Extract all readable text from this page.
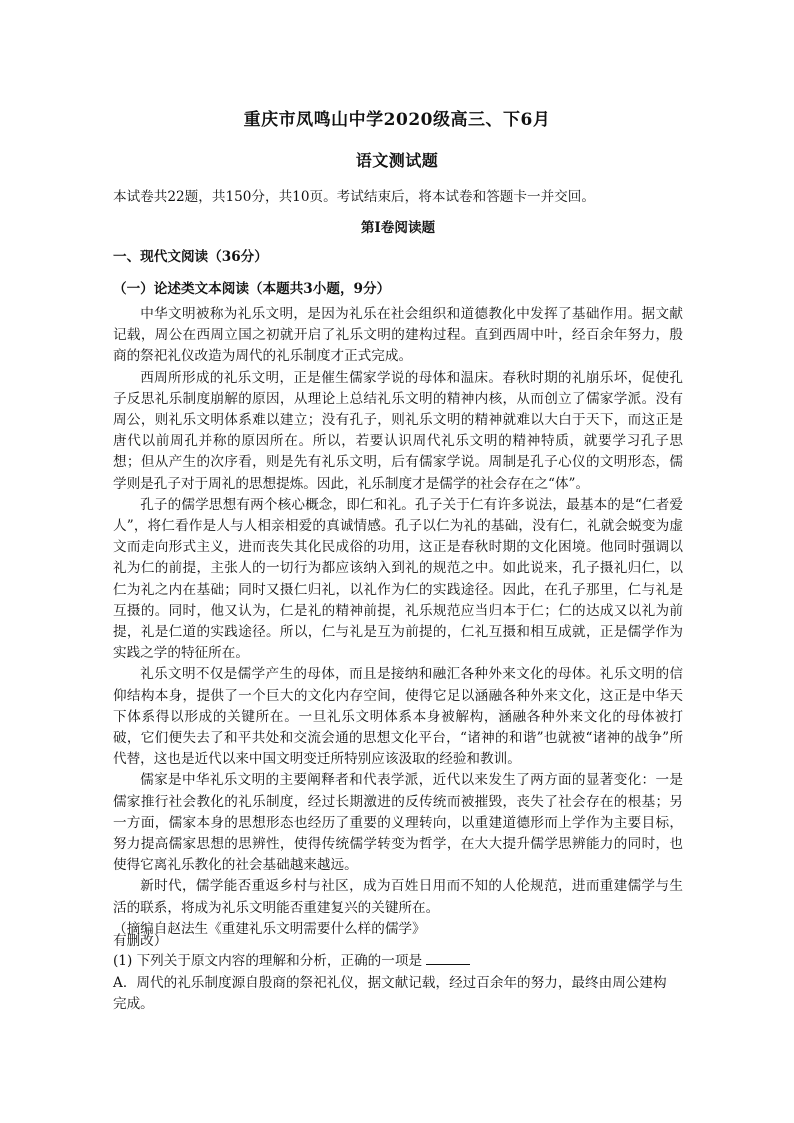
重庆市凤鸣山中学2020级高三、下6月
语文测试题
本试卷共22题，共150分，共10页。考试结束后，将本试卷和答题卡一并交回。
第Ⅰ卷阅读题
一、现代文阅读（36分）
（一）论述类文本阅读（本题共3小题，9分）

中华文明被称为礼乐文明，是因为礼乐在社会组织和道德教化中发挥了基础作用。据文献记载，周公在西周立国之初就开启了礼乐文明的建构过程。直到西周中叶，经百余年努力，殷商的祭祀礼仪改造为周代的礼乐制度才正式完成。

西周所形成的礼乐文明，正是催生儒家学说的母体和温床。春秋时期的礼崩乐坏，促使孔子反思礼乐制度崩解的原因，从理论上总结礼乐文明的精神内核，从而创立了儒家学派。没有周公，则礼乐文明体系难以建立；没有孔子，则礼乐文明的精神就难以大白于天下，而这正是唐代以前周孔并称的原因所在。所以，若要认识周代礼乐文明的精神特质，就要学习孔子思想；但从产生的次序看，则是先有礼乐文明，后有儒家学说。周制是孔子心仪的文明形态，儒学则是孔子对于周礼的思想提炼。因此，礼乐制度才是儒学的社会存在之“体”。

孔子的儒学思想有两个核心概念，即仁和礼。孔子关于仁有许多说法，最基本的是“仁者爱人”，将仁看作是人与人相亲相爱的真诚情感。孔子以仁为礼的基础，没有仁，礼就会蜕变为虚文而走向形式主义，进而丧失其化民成俗的功用，这正是春秋时期的文化困境。他同时强调以礼为仁的前提，主张人的一切行为都应该纳入到礼的规范之中。如此说来，孔子摄礼归仁，以仁为礼之内在基础；同时又摄仁归礼，以礼作为仁的实践途径。因此，在孔子那里，仁与礼是互摄的。同时，他又认为，仁是礼的精神前提，礼乐规范应当归本于仁；仁的达成又以礼为前提，礼是仁道的实践途径。所以，仁与礼是互为前提的，仁礼互摄和相互成就，正是儒学作为实践之学的特征所在。

礼乐文明不仅是儒学产生的母体，而且是接纳和融汇各种外来文化的母体。礼乐文明的信仰结构本身，提供了一个巨大的文化内存空间，使得它足以涵融各种外来文化，这正是中华天下体系得以形成的关键所在。一旦礼乐文明体系本身被解构，涵融各种外来文化的母体被打破，它们便失去了和平共处和交流会通的思想文化平台，“诸神的和谐”也就被“诸神的战争”所代替，这也是近代以来中国文明变迁所特别应该汲取的经验和教训。

儒家是中华礼乐文明的主要阐释者和代表学派，近代以来发生了两方面的显著变化：一是儒家推行社会教化的礼乐制度，经过长期激进的反传统而被摧毁，丧失了社会存在的根基；另一方面，儒家本身的思想形态也经历了重要的义理转向，以重建道德形而上学作为主要目标，努力提高儒家思想的思辨性，使得传统儒学转变为哲学，在大大提升儒学思辨能力的同时，也使得它离礼乐教化的社会基础越来越远。

新时代，儒学能否重返乡村与社区，成为百姓日用而不知的人伦规范，进而重建儒学与生活的联系，将成为礼乐文明能否重建复兴的关键所在。

（摘编自赵法生《重建礼乐文明需要什么样的儒学》

有删改）
(1) 下列关于原文内容的理解和分析，正确的一项是
A．周代的礼乐制度源自殷商的祭祀礼仪，据文献记载，经过百余年的努力，最终由周公建构
完成。
